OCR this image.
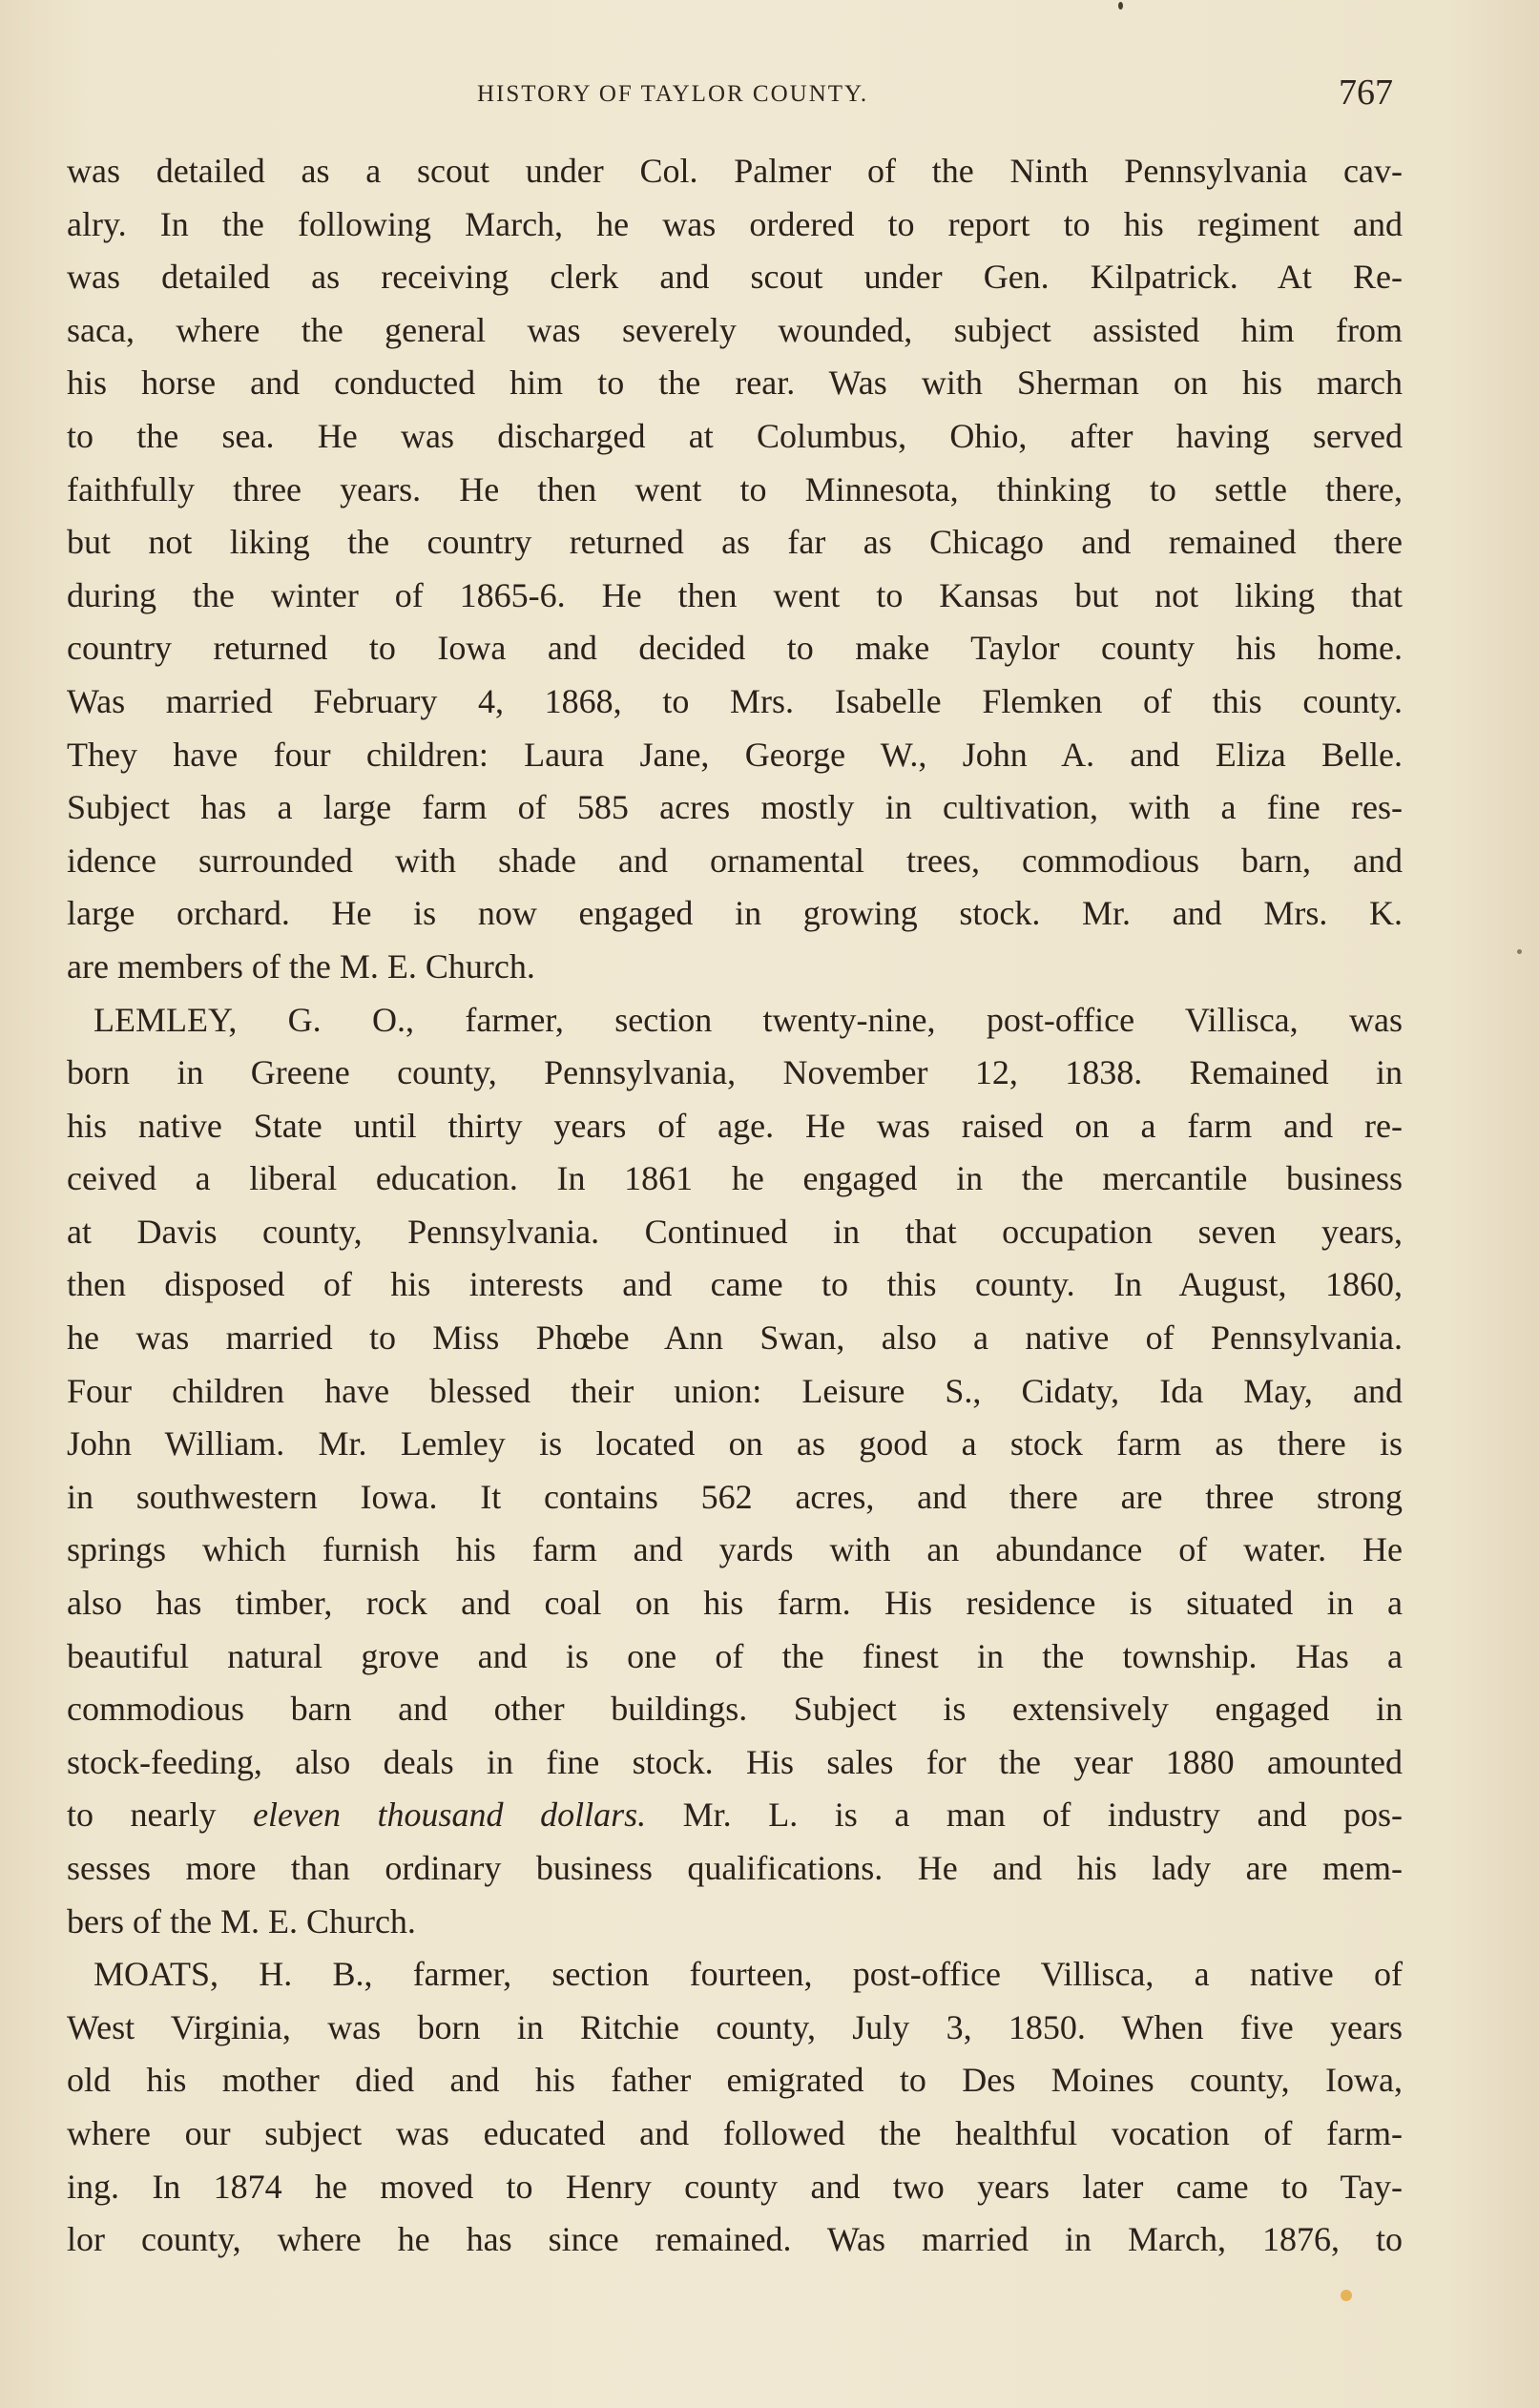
HISTORY OF TAYLOR COUNTY.	767
was detailed as a scout under Col. Palmer of the Ninth Pennsylvania cav-
alry. In the following March, he was ordered to report to his regiment and
was detailed as receiving clerk and scout under Gen. Kilpatrick. At Re-
saca, where the general was severely wounded, subject assisted him from
his horse and conducted him to the rear. Was with Sherman on his march
to the sea. He was discharged at Columbus, Ohio, after having served
faithfully three years. He then went to Minnesota, thinking to settle there,
but not liking the country returned as far as Chicago and remained there
during the winter of 1865-6. He then went to Kansas but not liking that
country returned to Iowa and decided to make Taylor county his home.
Was married February 4, 1868, to Mrs. Isabelle Flemken of this county.
They have four children: Laura Jane, George W., John A. and Eliza Belle.
Subject has a large farm of 585 acres mostly in cultivation, with a fine res-
idence surrounded with shade and ornamental trees, commodious barn, and
large orchard. He is now engaged in growing stock. Mr. and Mrs. K.
are members of the M. E. Church.
LEMLEY, G. O., farmer, section twenty-nine, post-office Villisca, was
born in Greene county, Pennsylvania, November 12, 1838. Remained in
his native State until thirty years of age. He was raised on a farm and re-
ceived a liberal education. In 1861 he engaged in the mercantile business
at Davis county, Pennsylvania. Continued in that occupation seven years,
then disposed of his interests and came to this county. In August, 1860,
he was married to Miss Phœbe Ann Swan, also a native of Pennsylvania.
Four children have blessed their union: Leisure S., Cidaty, Ida May, and
John William. Mr. Lemley is located on as good a stock farm as there is
in southwestern Iowa. It contains 562 acres, and there are three strong
springs which furnish his farm and yards with an abundance of water. He
also has timber, rock and coal on his farm. His residence is situated in a
beautiful natural grove and is one of the finest in the township. Has a
commodious barn and other buildings. Subject is extensively engaged in
stock-feeding, also deals in fine stock. His sales for the year 1880 amounted
to nearly eleven thousand dollars. Mr. L. is a man of industry and pos-
sesses more than ordinary business qualifications. He and his lady are mem-
bers of the M. E. Church.
MOATS, H. B., farmer, section fourteen, post-office Villisca, a native of
West Virginia, was born in Ritchie county, July 3, 1850. When five years
old his mother died and his father emigrated to Des Moines county, Iowa,
where our subject was educated and followed the healthful vocation of farm-
ing. In 1874 he moved to Henry county and two years later came to Tay-
lor county, where he has since remained. Was married in March, 1876, to
